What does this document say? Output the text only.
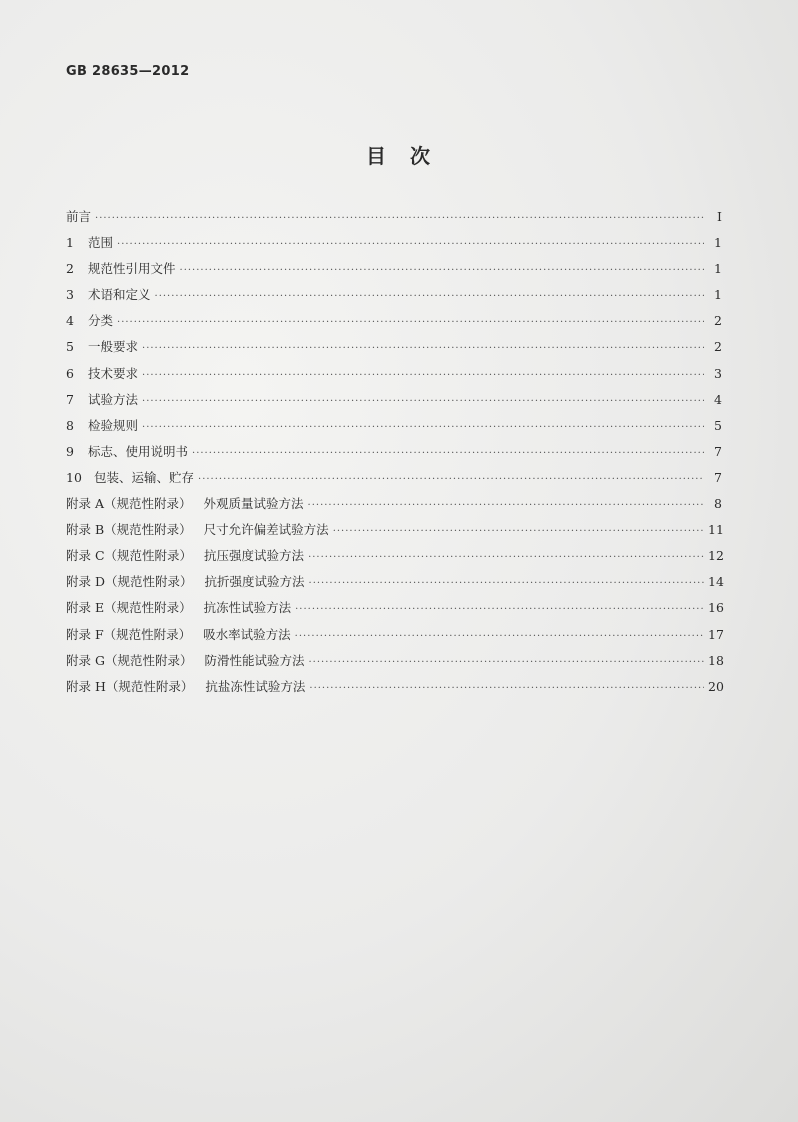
GB 28635—2012
目　次
前言 ·····	Ⅰ
1	范围 ·····	1
2	规范性引用文件 ·····	1
3	术语和定义 ·····	1
4	分类 ·····	2
5	一般要求 ·····	2
6	技术要求 ·····	3
7	试验方法 ·····	4
8	检验规则 ·····	5
9	标志、使用说明书 ·····	7
10 包装、运输、贮存 ·····	7
附录 A（规范性附录） 外观质量试验方法 ·····	8
附录 B（规范性附录） 尺寸允许偏差试验方法 ·····	11
附录 C（规范性附录） 抗压强度试验方法 ·····	12
附录 D（规范性附录） 抗折强度试验方法 ·····	14
附录 E（规范性附录） 抗冻性试验方法 ·····	16
附录 F（规范性附录） 吸水率试验方法 ·····	17
附录 G（规范性附录） 防滑性能试验方法 ·····	18
附录 H（规范性附录） 抗盐冻性试验方法 ·····	20
